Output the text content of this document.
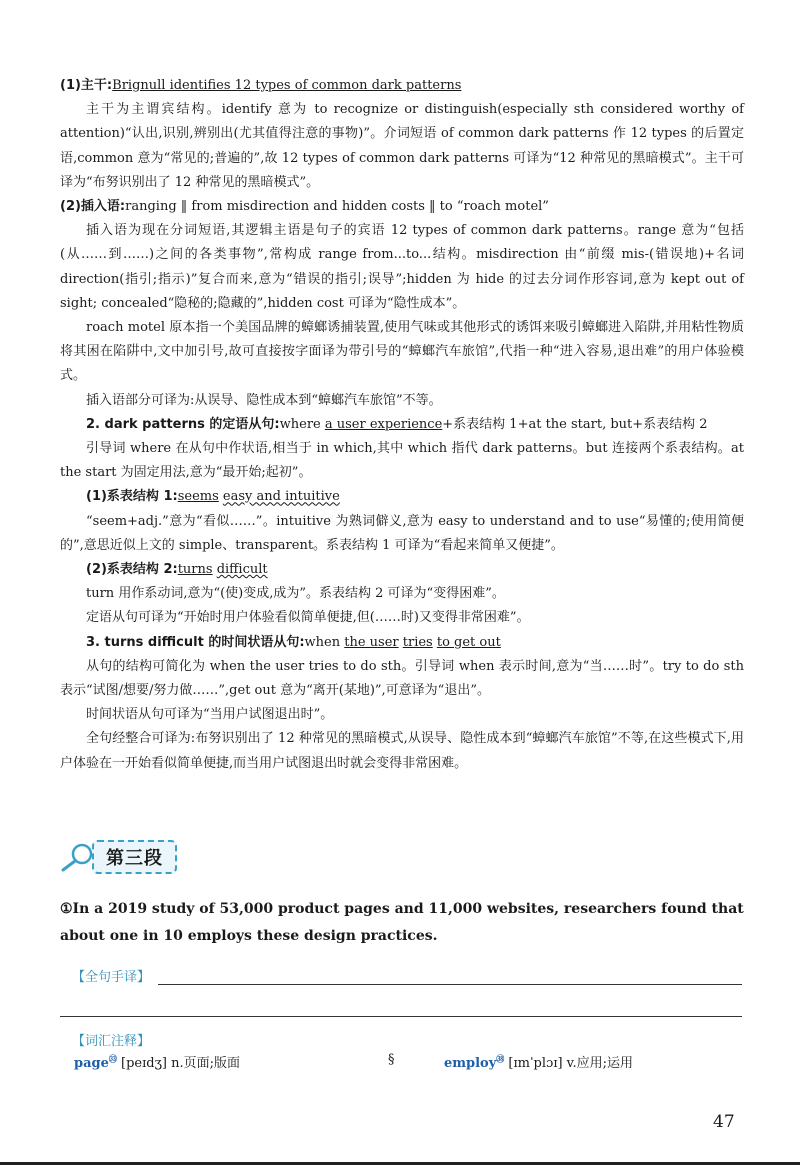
(1)主干:Brignull identifies 12 types of common dark patterns

主干为主谓宾结构。identify 意为 to recognize or distinguish(especially sth considered worthy of attention)“认出,识别,辨别出(尤其值得注意的事物)”。介词短语 of common dark patterns 作 12 types 的后置定语,common 意为“常见的;普遍的”,故 12 types of common dark patterns 可译为“12 种常见的黑暗模式”。主干可译为“布努识别出了 12 种常见的黑暗模式”。

(2)插入语:ranging ‖ from misdirection and hidden costs ‖ to “roach motel”

插入语为现在分词短语,其逻辑主语是句子的宾语 12 types of common dark patterns。range 意为“包括(从……到……)之间的各类事物”,常构成 range from...to...结构。misdirection 由“前缀 mis-(错误地)+名词 direction(指引;指示)”复合而来,意为“错误的指引;误导”;hidden 为 hide 的过去分词作形容词,意为 kept out of sight; concealed“隐秘的;隐藏的”,hidden cost 可译为“隐性成本”。

roach motel 原本指一个美国品牌的蟑螂诱捕装置,使用气味或其他形式的诱饵来吸引蟑螂进入陷阱,并用粘性物质将其困在陷阱中,文中加引号,故可直接按字面译为带引号的“蟑螂汽车旅馆”,代指一种“进入容易,退出难”的用户体验模式。

插入语部分可译为:从误导、隐性成本到“蟑螂汽车旅馆”不等。

2. dark patterns 的定语从句:where a user experience+系表结构 1+at the start, but+系表结构 2

引导词 where 在从句中作状语,相当于 in which,其中 which 指代 dark patterns。but 连接两个系表结构。at the start 为固定用法,意为“最开始;起初”。

(1)系表结构 1:seems easy and intuitive

“seem+adj.”意为“看似……”。intuitive 为熟词僻义,意为 easy to understand and to use“易懂的;使用简便的”,意思近似上文的 simple、transparent。系表结构 1 可译为“看起来简单又便捷”。

(2)系表结构 2:turns difficult

turn 用作系动词,意为“(使)变成,成为”。系表结构 2 可译为“变得困难”。

定语从句可译为“开始时用户体验看似简单便捷,但(……时)又变得非常困难”。

3. turns difficult 的时间状语从句:when the user tries to get out

从句的结构可简化为 when the user tries to do sth。引导词 when 表示时间,意为“当……时”。try to do sth 表示“试图/想要/努力做……”,get out 意为“离开(某地)”,可意译为“退出”。

时间状语从句可译为“当用户试图退出时”。

全句经整合可译为:布努识别出了 12 种常见的黑暗模式,从误导、隐性成本到“蟑螂汽车旅馆”不等,在这些模式下,用户体验在一开始看似简单便捷,而当用户试图退出时就会变得非常困难。

第三段
①In a 2019 study of 53,000 product pages and 11,000 websites, researchers found that about one in 10 employs these design practices.
【全句手译】
【词汇注释】
page$^㉝$ [peɪdʒ] n.页面;版面	§	employ$^㊳$ [ɪmˈplɔɪ] v.应用;运用
47
